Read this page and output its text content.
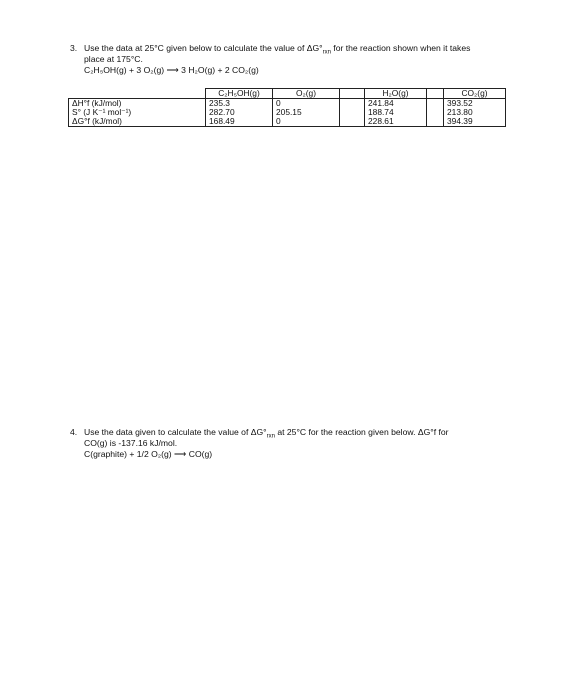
3. Use the data at 25°C given below to calculate the value of $\Delta G^\circ_{rxn}$ for the reaction shown when it takes
place at 175°C.
C₂H₅OH(g) + 3 O₂(g) ⟶ 3 H₂O(g) + 2 CO₂(g)
	C₂H₅OH(g)	O₂(g)		H₂O(g)		CO₂(g)
ΔH°f (kJ/mol)	235.3	0		241.84		393.52
S° (J K⁻¹ mol⁻¹)	282.70	205.15		188.74		213.80
ΔG°f (kJ/mol)	168.49	0		228.61		394.39
4. Use the data given to calculate the value of $\Delta G^\circ_{rxn}$ at 25°C for the reaction given below. ΔG°f for
CO(g) is -137.16 kJ/mol.
C(graphite) + 1/2 O₂(g) ⟶ CO(g)
